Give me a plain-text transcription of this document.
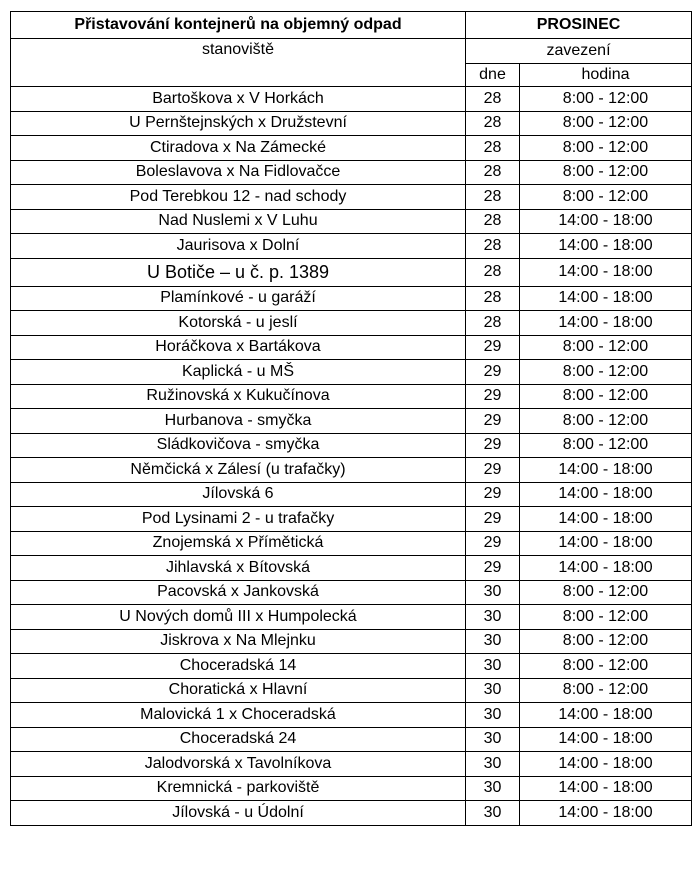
Přistavování kontejnerů na objemný odpad	PROSINEC	
stanoviště	zavezení	
	dne	hodina
Bartoškova x V Horkách	28	8:00 - 12:00
U Pernštejnských x Družstevní	28	8:00 - 12:00
Ctiradova x Na Zámecké	28	8:00 - 12:00
Boleslavova x Na Fidlovačce	28	8:00 - 12:00
Pod Terebkou 12 - nad schody	28	8:00 - 12:00
Nad Nuslemi x V Luhu	28	14:00 - 18:00
Jaurisova x Dolní	28	14:00 - 18:00
U Botiče – u č. p. 1389	28	14:00 - 18:00
Plamínkové - u garáží	28	14:00 - 18:00
Kotorská - u jeslí	28	14:00 - 18:00
Horáčkova x Bartákova	29	8:00 - 12:00
Kaplická - u MŠ	29	8:00 - 12:00
Ružinovská x Kukučínova	29	8:00 - 12:00
Hurbanova - smyčka	29	8:00 - 12:00
Sládkovičova - smyčka	29	8:00 - 12:00
Němčická x Zálesí (u trafačky)	29	14:00 - 18:00
Jílovská 6	29	14:00 - 18:00
Pod Lysinami 2 - u trafačky	29	14:00 - 18:00
Znojemská x Přímětická	29	14:00 - 18:00
Jihlavská x Bítovská	29	14:00 - 18:00
Pacovská x Jankovská	30	8:00 - 12:00
U Nových domů III x Humpolecká	30	8:00 - 12:00
Jiskrova x Na Mlejnku	30	8:00 - 12:00
Choceradská 14	30	8:00 - 12:00
Choratická x Hlavní	30	8:00 - 12:00
Malovická 1 x Choceradská	30	14:00 - 18:00
Choceradská 24	30	14:00 - 18:00
Jalodvorská x Tavolníkova	30	14:00 - 18:00
Kremnická - parkoviště	30	14:00 - 18:00
Jílovská - u Údolní	30	14:00 - 18:00
